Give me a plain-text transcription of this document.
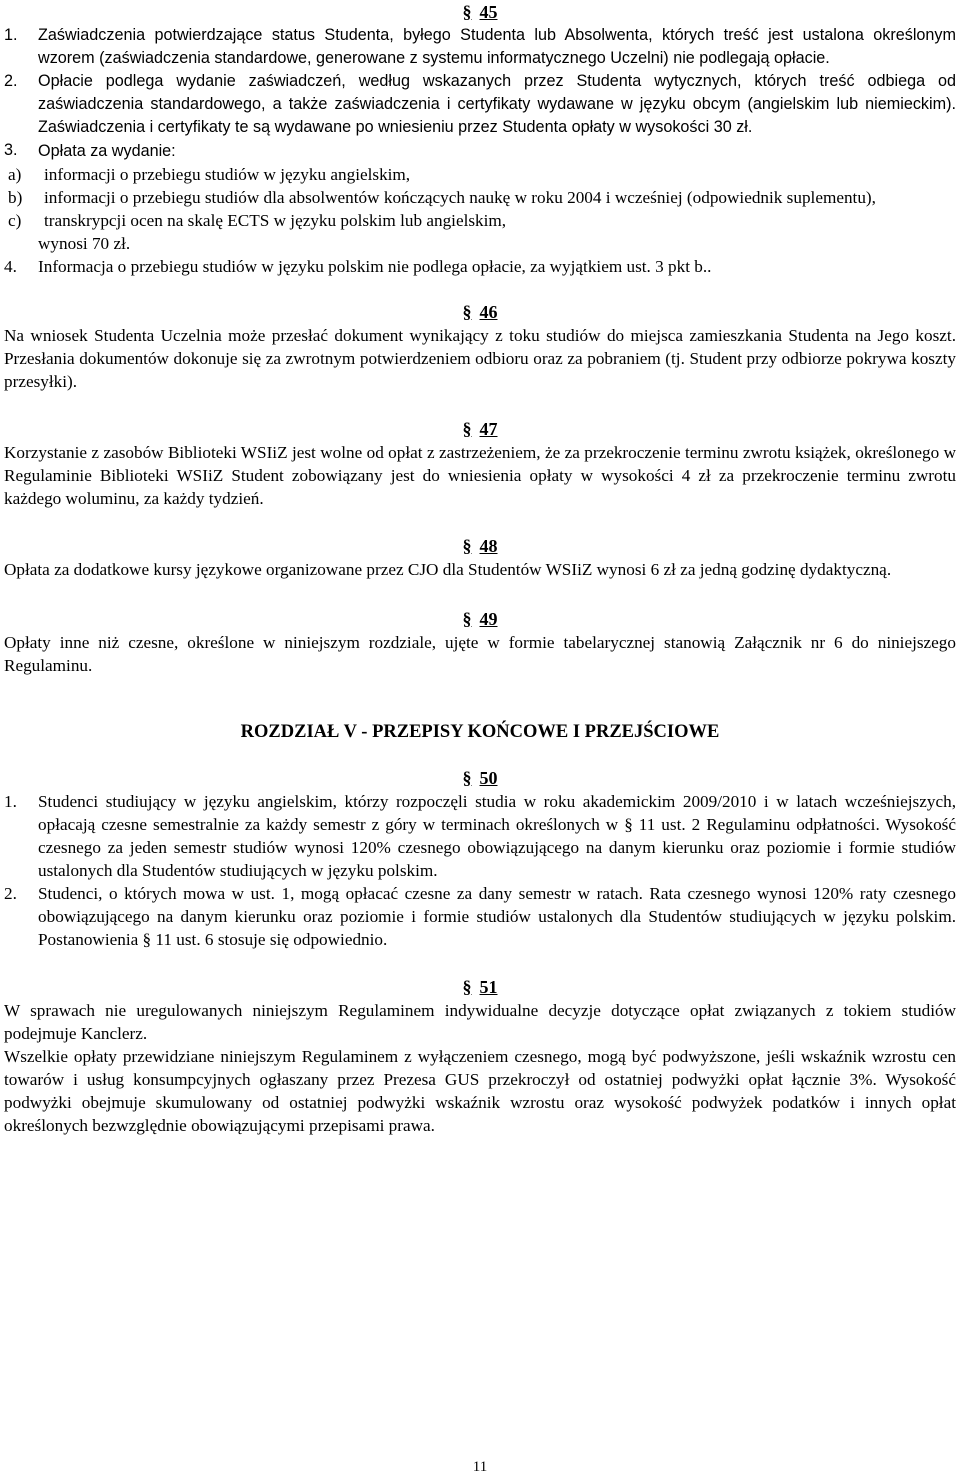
§ 45
1. Zaświadczenia potwierdzające status Studenta, byłego Studenta lub Absolwenta, których treść jest ustalona określonym wzorem (zaświadczenia standardowe, generowane z systemu informatycznego Uczelni) nie podlegają opłacie.
2. Opłacie podlega wydanie zaświadczeń, według wskazanych przez Studenta wytycznych, których treść odbiega od zaświadczenia standardowego, a także zaświadczenia i certyfikaty wydawane w języku obcym (angielskim lub niemieckim). Zaświadczenia i certyfikaty te są wydawane po wniesieniu przez Studenta opłaty w wysokości 30 zł.
3. Opłata za wydanie:
a) informacji o przebiegu studiów w języku angielskim,
b) informacji o przebiegu studiów dla absolwentów kończących naukę w roku 2004 i wcześniej (odpowiednik suplementu),
c) transkrypcji ocen na skalę ECTS w języku polskim lub angielskim,
wynosi 70 zł.
4. Informacja o przebiegu studiów w języku polskim nie podlega opłacie, za wyjątkiem ust. 3 pkt b..
§ 46

Na wniosek Studenta Uczelnia może przesłać dokument wynikający z toku studiów do miejsca zamieszkania Studenta na Jego koszt. Przesłania dokumentów dokonuje się za zwrotnym potwierdzeniem odbioru oraz za pobraniem (tj. Student przy odbiorze pokrywa koszty przesyłki).

§ 47

Korzystanie z zasobów Biblioteki WSIiZ jest wolne od opłat z zastrzeżeniem, że za przekroczenie terminu zwrotu książek, określonego w Regulaminie Biblioteki WSIiZ Student zobowiązany jest do wniesienia opłaty w wysokości 4 zł za przekroczenie terminu zwrotu każdego woluminu, za każdy tydzień.

§ 48

Opłata za dodatkowe kursy językowe organizowane przez CJO dla Studentów WSIiZ wynosi 6 zł za jedną godzinę dydaktyczną.

§ 49

Opłaty inne niż czesne, określone w niniejszym rozdziale, ujęte w formie tabelarycznej stanowią Załącznik nr 6 do niniejszego Regulaminu.

ROZDZIAŁ V - PRZEPISY KOŃCOWE I PRZEJŚCIOWE
§ 50
1. Studenci studiujący w języku angielskim, którzy rozpoczęli studia w roku akademickim 2009/2010 i w latach wcześniejszych, opłacają czesne semestralnie za każdy semestr z góry w terminach określonych w § 11 ust. 2 Regulaminu odpłatności. Wysokość czesnego za jeden semestr studiów wynosi 120% czesnego obowiązującego na danym kierunku oraz poziomie i formie studiów ustalonych dla Studentów studiujących w języku polskim.
2. Studenci, o których mowa w ust. 1, mogą opłacać czesne za dany semestr w ratach. Rata czesnego wynosi 120% raty czesnego obowiązującego na danym kierunku oraz poziomie i formie studiów ustalonych dla Studentów studiujących w języku polskim. Postanowienia § 11 ust. 6 stosuje się odpowiednio.
§ 51

W sprawach nie uregulowanych niniejszym Regulaminem indywidualne decyzje dotyczące opłat związanych z tokiem studiów podejmuje Kanclerz.

Wszelkie opłaty przewidziane niniejszym Regulaminem z wyłączeniem czesnego, mogą być podwyższone, jeśli wskaźnik wzrostu cen towarów i usług konsumpcyjnych ogłaszany przez Prezesa GUS przekroczył od ostatniej podwyżki opłat łącznie 3%. Wysokość podwyżki obejmuje skumulowany od ostatniej podwyżki wskaźnik wzrostu oraz wysokość podwyżek podatków i innych opłat określonych bezwzględnie obowiązującymi przepisami prawa.

11
